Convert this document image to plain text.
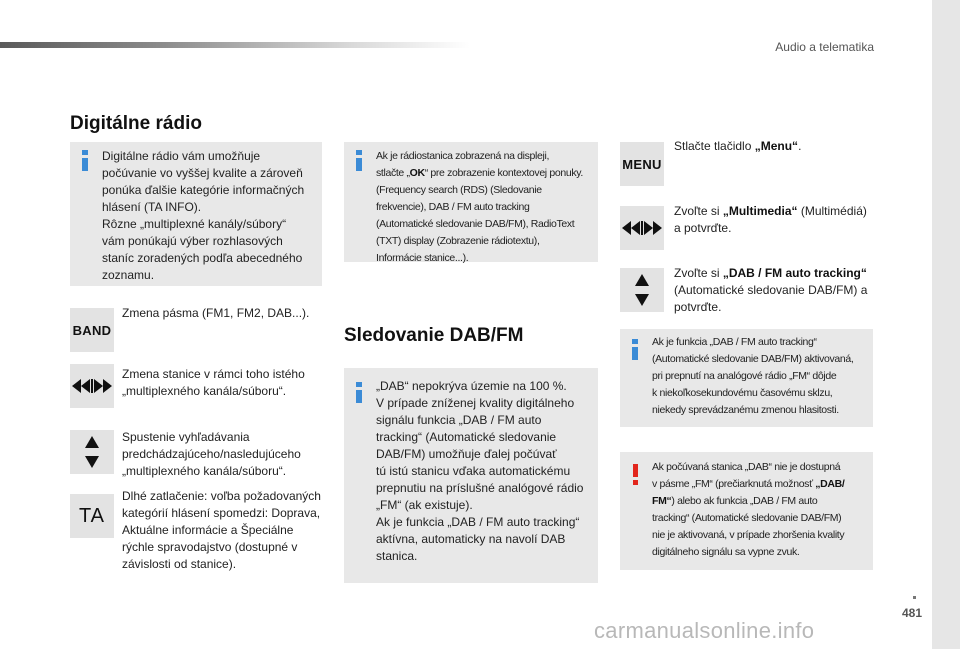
Audio a telematika
481
carmanualsonline.info
Digitálne rádio
Digitálne rádio vám umožňuje
počúvanie vo vyššej kvalite a zároveň
ponúka ďalšie kategórie informačných
hlásení (TA INFO).
Rôzne „multiplexné kanály/súbory“
vám ponúkajú výber rozhlasových
staníc zoradených podľa abecedného
zoznamu.
BAND
Zmena pásma (FM1, FM2, DAB...).
Zmena stanice v rámci toho istého
„multiplexného kanála/súboru“.
Spustenie vyhľadávania
predchádzajúceho/nasledujúceho
„multiplexného kanála/súboru“.
TA
Dlhé zatlačenie: voľba požadovaných
kategórií hlásení spomedzi: Doprava,
Aktuálne informácie a Špeciálne
rýchle spravodajstvo (dostupné v
závislosti od stanice).
Ak je rádiostanica zobrazená na displeji,
stlačte „OK“ pre zobrazenie kontextovej ponuky.
(Frequency search (RDS) (Sledovanie
frekvencie), DAB / FM auto tracking
(Automatické sledovanie DAB/FM), RadioText
(TXT) display (Zobrazenie rádiotextu),
Informácie stanice...).
Sledovanie DAB/FM
„DAB“ nepokrýva územie na 100 %.
V prípade zníženej kvality digitálneho
signálu funkcia „DAB / FM auto
tracking“ (Automatické sledovanie
DAB/FM) umožňuje ďalej počúvať
tú istú stanicu vďaka automatickému
prepnutiu na príslušné analógové rádio
„FM“ (ak existuje).
Ak je funkcia „DAB / FM auto tracking“
aktívna, automaticky na navolí DAB
stanica.
MENU
Stlačte tlačidlo „Menu“.
Zvoľte si „Multimedia“ (Multimédiá)
a potvrďte.
Zvoľte si „DAB / FM auto tracking“
(Automatické sledovanie DAB/FM) a
potvrďte.
Ak je funkcia „DAB / FM auto tracking“
(Automatické sledovanie DAB/FM) aktivovaná,
pri prepnutí na analógové rádio „FM“ dôjde
k niekoľkosekundovému časovému sklzu,
niekedy sprevádzanému zmenou hlasitosti.
Ak počúvaná stanica „DAB“ nie je dostupná
v pásme „FM“ (prečiarknutá možnosť „DAB/
FM“) alebo ak funkcia „DAB / FM auto
tracking“ (Automatické sledovanie DAB/FM)
nie je aktivovaná, v prípade zhoršenia kvality
digitálneho signálu sa vypne zvuk.
